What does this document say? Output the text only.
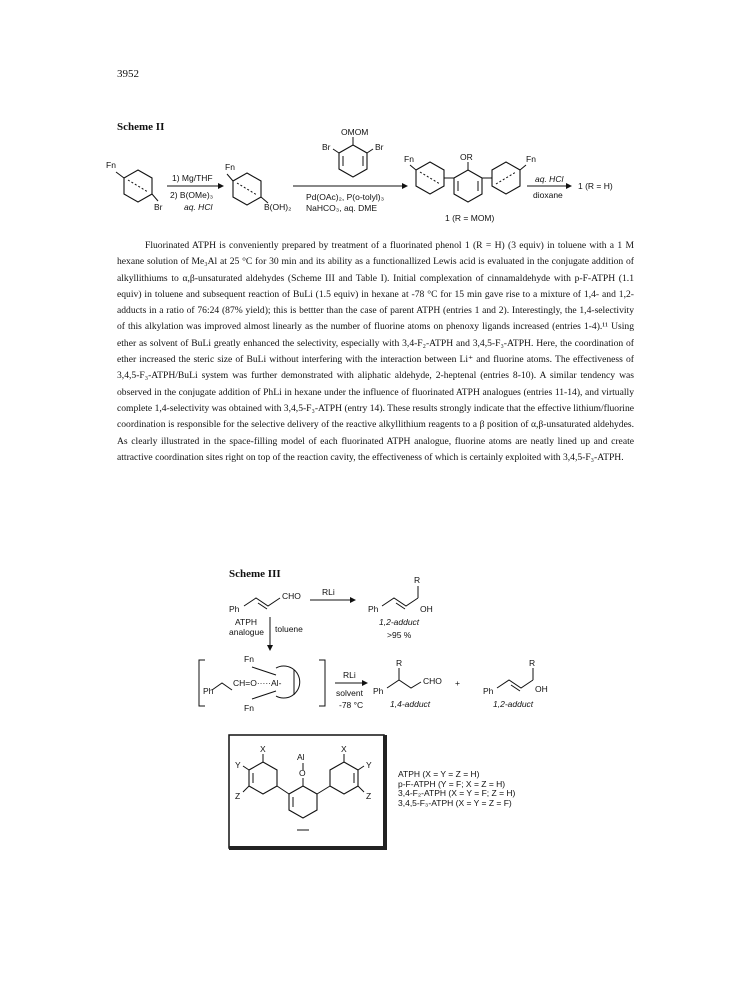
3952
Scheme II
Fn
Br
1) Mg/THF
2) B(OMe)₃
aq. HCl
Fn
B(OH)₂
OMOM
Br	Br
Pd(OAc)₂, P(o-tolyl)₃
NaHCO₃, aq. DME
Fn	Fn
OR
1 (R = MOM)
aq. HCl
dioxane
1 (R = H)

Fluorinated ATPH is conveniently prepared by treatment of a fluorinated phenol 1 (R = H) (3 equiv) in toluene with a 1 M hexane solution of Me₃Al at 25 °C for 30 min and its ability as a functionallized Lewis acid is evaluated in the conjugate addition of alkyllithiums to α,β-unsaturated aldehydes (Scheme III and Table I). Initial complexation of cinnamaldehyde with p-F-ATPH (1.1 equiv) in toluene and subsequent reaction of BuLi (1.5 equiv) in hexane at -78 °C for 15 min gave rise to a mixture of 1,4- and 1,2-adducts in a ratio of 76:24 (87% yield); this is bettter than the case of parent ATPH (entries 1 and 2). Interestingly, the 1,4-selectivity of this alkylation was improved almost linearly as the number of fluorine atoms on phenoxy ligands increased (entries 1-4).¹¹ Using ether as solvent of BuLi greatly enhanced the selectivity, especially with 3,4-F₂-ATPH and 3,4,5-F₃-ATPH. Here, the coordination of ether increased the steric size of BuLi without interfering with the interaction between Li⁺ and fluorine atoms. The effectiveness of 3,4,5-F₃-ATPH/BuLi system was further demonstrated with aliphatic aldehyde, 2-heptenal (entries 8-10). A similar tendency was observed in the conjugate addition of PhLi in hexane under the influence of fluorinated ATPH analogues (entries 11-14), and virtually complete 1,4-selectivity was obtained with 3,4,5-F₃-ATPH (entry 14). These results strongly indicate that the effective lithium/fluorine coordination is responsible for the selective delivery of the reactive alkyllithium reagents to a β position of α,β-unsaturated aldehydes. As clearly illustrated in the space-filling model of each fluorinated ATPH analogue, fluorine atoms are neatly lined up and create attractive coordination sites right on top of the reaction cavity, the effectiveness of which is certainly exploited with 3,4,5-F₃-ATPH.

Scheme III
Ph
CHO RLi
R
Ph	OH
1,2-adduct
>95 %
ATPH
analogue toluene
Fn
Ph
CH=O·····Al-
Fn
RLi
solvent
-78 °C
R
Ph
CHO +
R
Ph	OH
1,4-adduct	1,2-adduct
X	X
Y	Y
Z	Z
Al
O	ATPH (X = Y = Z = H)
p-F-ATPH (Y = F; X = Z = H)
3,4-F₂-ATPH (X = Y = F; Z = H)
3,4,5-F₃-ATPH (X = Y = Z = F)
